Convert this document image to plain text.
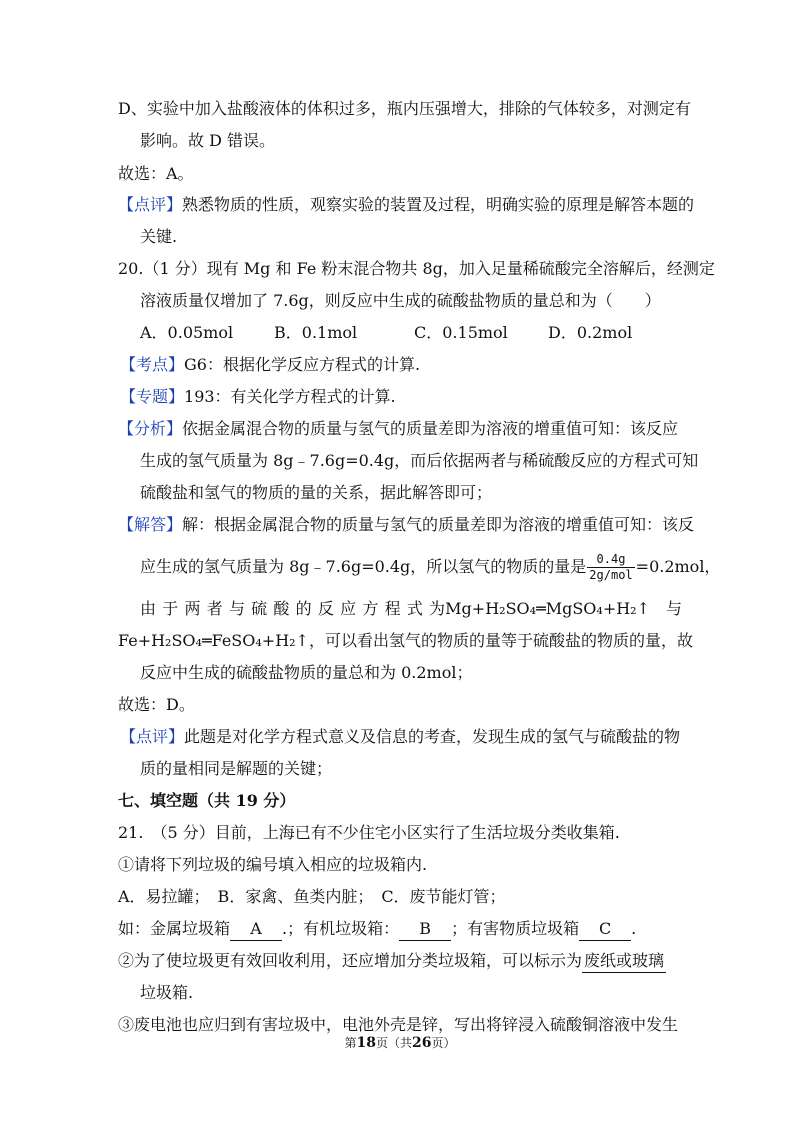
D、实验中加入盐酸液体的体积过多，瓶内压强增大，排除的气体较多，对测定有
影响。故 D 错误。
故选：A。
【点评】熟悉物质的性质，观察实验的装置及过程，明确实验的原理是解答本题的
关键.
20.（1 分）现有 Mg 和 Fe 粉末混合物共 8g，加入足量稀硫酸完全溶解后，经测定
溶液质量仅增加了 7.6g，则反应中生成的硫酸盐物质的量总和为（　　）
A．0.05mol	B．0.1mol	C．0.15mol	D．0.2mol
【考点】G6：根据化学反应方程式的计算.
【专题】193：有关化学方程式的计算.
【分析】依据金属混合物的质量与氢气的质量差即为溶液的增重值可知：该反应
生成的氢气质量为 8g﹣7.6g=0.4g，而后依据两者与稀硫酸反应的方程式可知
硫酸盐和氢气的物质的量的关系，据此解答即可；
【解答】解：根据金属混合物的质量与氢气的质量差即为溶液的增重值可知：该反
应生成的氢气质量为 8g﹣7.6g=0.4g，所以氢气的物质的量是 $\frac{0.4g}{\text{2g/mol}} =0.2mol$，
由 于 两 者 与 硫 酸 的 反 应 方 程 式 为 Mg+H₂SO₄═MgSO₄+H₂↑　与
Fe+H₂SO₄═FeSO₄+H₂↑，可以看出氢气的物质的量等于硫酸盐的物质的量，故
反应中生成的硫酸盐物质的量总和为 0.2mol；
故选：D。
【点评】此题是对化学方程式意义及信息的考查，发现生成的氢气与硫酸盐的物
质的量相同是解题的关键；
七、填空题（共 19 分）
21.　（5 分）目前，上海已有不少住宅小区实行了生活垃圾分类收集箱.
①请将下列垃圾的编号填入相应的垃圾箱内.
A．易拉罐；　B．家禽、鱼类内脏；　C．废节能灯管；
如：金属垃圾箱 A .；有机垃圾箱： B ；有害物质垃圾箱 C .
②为了使垃圾更有效回收利用，还应增加分类垃圾箱，可以标示为 废纸或玻璃
垃圾箱.
③废电池也应归到有害垃圾中，电池外壳是锌，写出将锌浸入硫酸铜溶液中发生
第18页（共26页）
